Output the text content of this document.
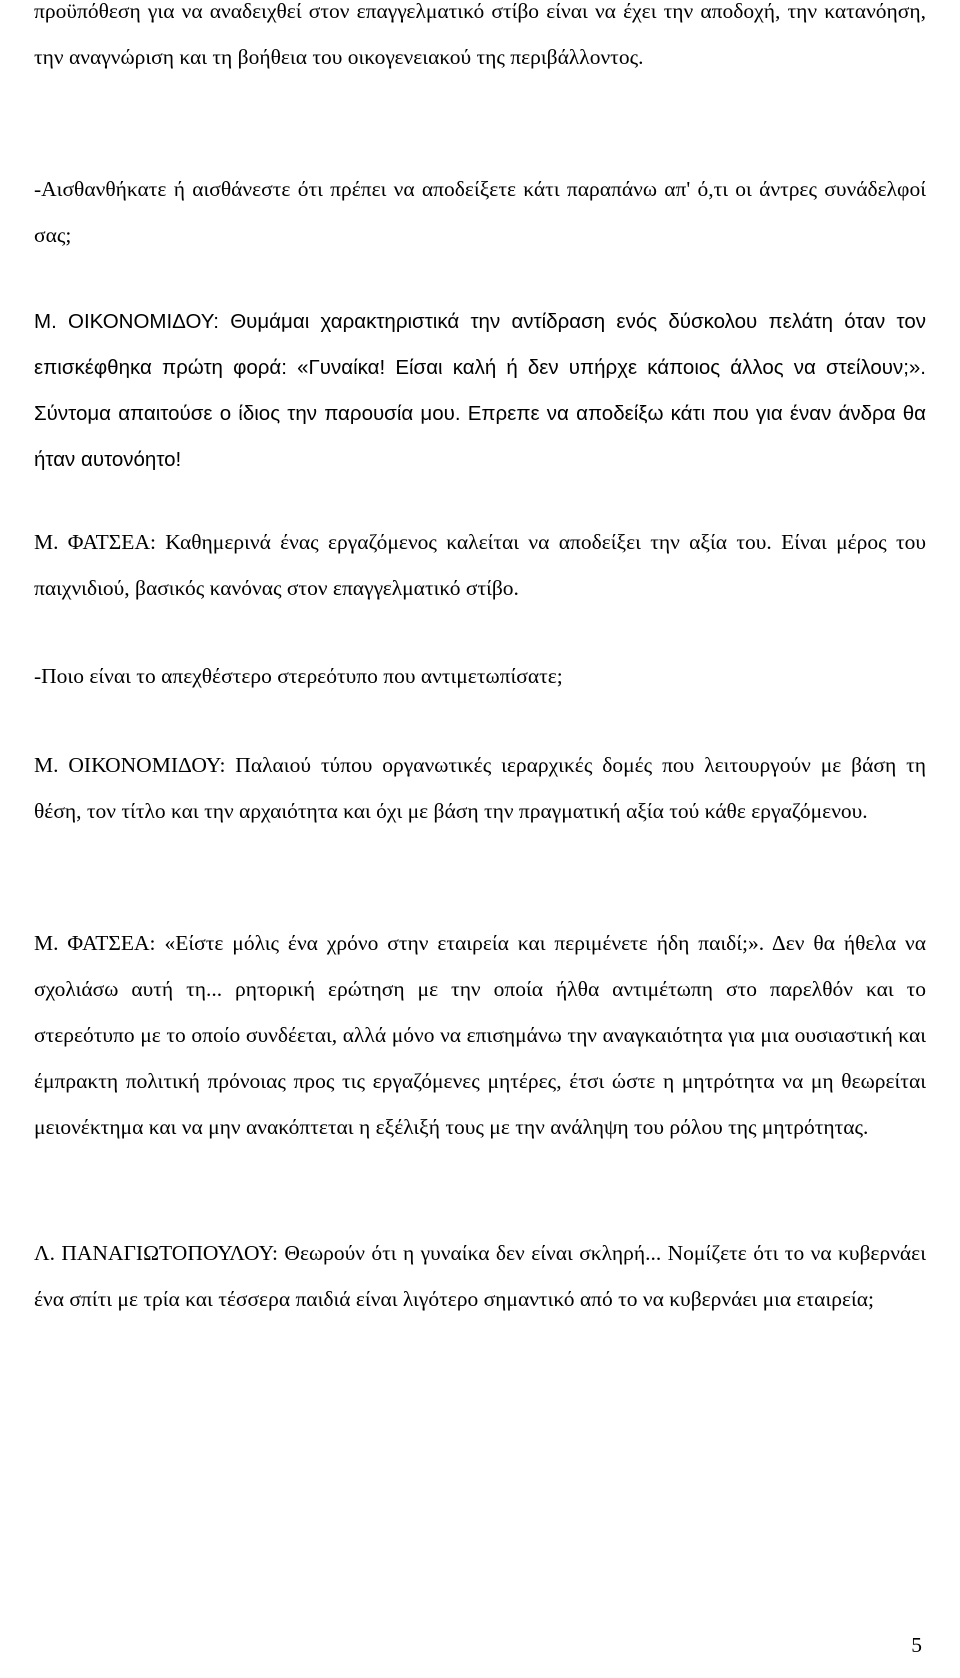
προϋπόθεση για να αναδειχθεί στον επαγγελματικό στίβο είναι να έχει την αποδοχή, την κατανόηση, την αναγνώριση και τη βοήθεια του οικογενειακού της περιβάλλοντος.

-Αισθανθήκατε ή αισθάνεστε ότι πρέπει να αποδείξετε κάτι παραπάνω απ' ό,τι οι άντρες συνάδελφοί σας;

Μ. ΟΙΚΟΝΟΜΙΔΟΥ: Θυμάμαι χαρακτηριστικά την αντίδραση ενός δύσκολου πελάτη όταν τον επισκέφθηκα πρώτη φορά: «Γυναίκα! Είσαι καλή ή δεν υπήρχε κάποιος άλλος να στείλουν;». Σύντομα απαιτούσε ο ίδιος την παρουσία μου. Επρεπε να αποδείξω κάτι που για έναν άνδρα θα ήταν αυτονόητο!

Μ. ΦΑΤΣΕΑ: Καθημερινά ένας εργαζόμενος καλείται να αποδείξει την αξία του. Είναι μέρος του παιχνιδιού, βασικός κανόνας στον επαγγελματικό στίβο.

-Ποιο είναι το απεχθέστερο στερεότυπο που αντιμετωπίσατε;

Μ. ΟΙΚΟΝΟΜΙΔΟΥ: Παλαιού τύπου οργανωτικές ιεραρχικές δομές που λειτουργούν με βάση τη θέση, τον τίτλο και την αρχαιότητα και όχι με βάση την πραγματική αξία τού κάθε εργαζόμενου.

Μ. ΦΑΤΣΕΑ: «Είστε μόλις ένα χρόνο στην εταιρεία και περιμένετε ήδη παιδί;». Δεν θα ήθελα να σχολιάσω αυτή τη... ρητορική ερώτηση με την οποία ήλθα αντιμέτωπη στο παρελθόν και το στερεότυπο με το οποίο συνδέεται, αλλά μόνο να επισημάνω την αναγκαιότητα για μια ουσιαστική και έμπρακτη πολιτική πρόνοιας προς τις εργαζόμενες μητέρες, έτσι ώστε η μητρότητα να μη θεωρείται μειονέκτημα και να μην ανακόπτεται η εξέλιξή τους με την ανάληψη του ρόλου της μητρότητας.

Λ. ΠΑΝΑΓΙΩΤΟΠΟΥΛΟΥ: Θεωρούν ότι η γυναίκα δεν είναι σκληρή... Νομίζετε ότι το να κυβερνάει ένα σπίτι με τρία και τέσσερα παιδιά είναι λιγότερο σημαντικό από το να κυβερνάει μια εταιρεία;

5
